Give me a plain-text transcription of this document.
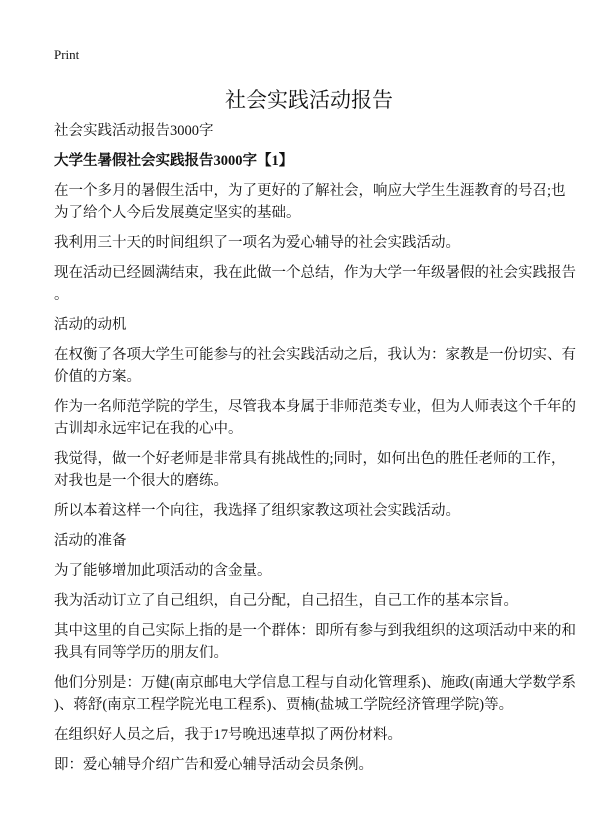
Print
社会实践活动报告
社会实践活动报告3000字
大学生暑假社会实践报告3000字【1】
在一个多月的暑假生活中，为了更好的了解社会，响应大学生生涯教育的号召;也
为了给个人今后发展奠定坚实的基础。
我利用三十天的时间组织了一项名为爱心辅导的社会实践活动。
现在活动已经圆满结束，我在此做一个总结，作为大学一年级暑假的社会实践报告
。
活动的动机
在权衡了各项大学生可能参与的社会实践活动之后，我认为：家教是一份切实、有
价值的方案。
作为一名师范学院的学生，尽管我本身属于非师范类专业，但为人师表这个千年的
古训却永远牢记在我的心中。
我觉得，做一个好老师是非常具有挑战性的;同时，如何出色的胜任老师的工作，
对我也是一个很大的磨练。
所以本着这样一个向往，我选择了组织家教这项社会实践活动。
活动的准备
为了能够增加此项活动的含金量。
我为活动订立了自己组织，自己分配，自己招生，自己工作的基本宗旨。
其中这里的自己实际上指的是一个群体：即所有参与到我组织的这项活动中来的和
我具有同等学历的朋友们。
他们分别是：万健(南京邮电大学信息工程与自动化管理系)、施政(南通大学数学系
)、蒋舒(南京工程学院光电工程系)、贾楠(盐城工学院经济管理学院)等。
在组织好人员之后，我于17号晚迅速草拟了两份材料。
即：爱心辅导介绍广告和爱心辅导活动会员条例。
